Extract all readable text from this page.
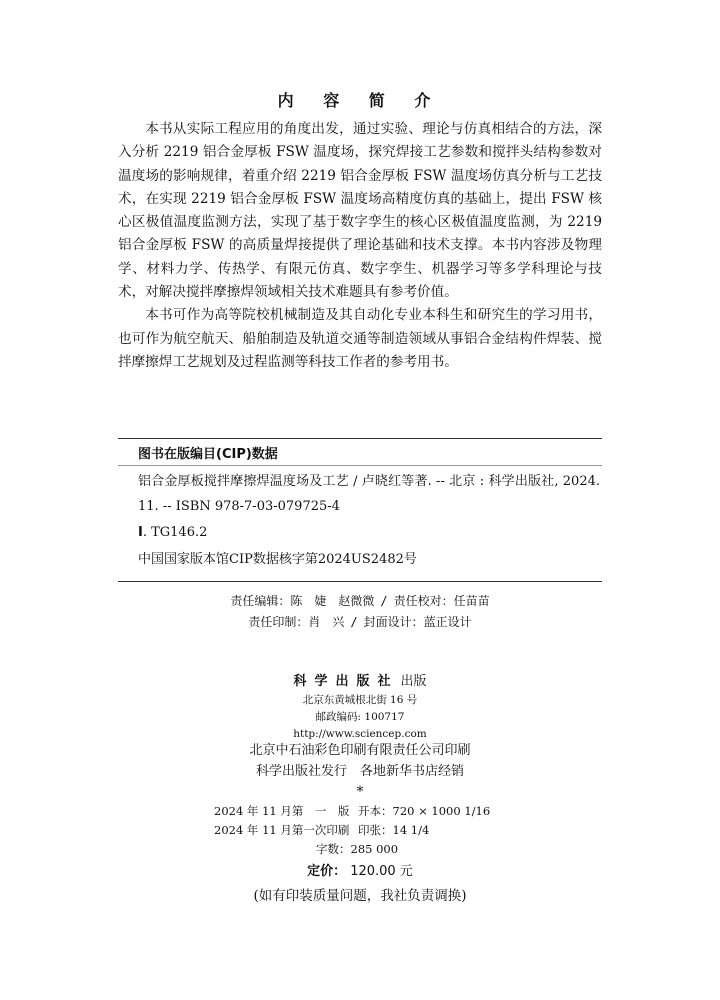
内 容 简 介

本书从实际工程应用的角度出发，通过实验、理论与仿真相结合的方法，深入分析 2219 铝合金厚板 FSW 温度场，探究焊接工艺参数和搅拌头结构参数对温度场的影响规律，着重介绍 2219 铝合金厚板 FSW 温度场仿真分析与工艺技术，在实现 2219 铝合金厚板 FSW 温度场高精度仿真的基础上，提出 FSW 核心区极值温度监测方法，实现了基于数字孪生的核心区极值温度监测，为 2219 铝合金厚板 FSW 的高质量焊接提供了理论基础和技术支撑。本书内容涉及物理学、材料力学、传热学、有限元仿真、数字孪生、机器学习等多学科理论与技术，对解决搅拌摩擦焊领域相关技术难题具有参考价值。

本书可作为高等院校机械制造及其自动化专业本科生和研究生的学习用书，也可作为航空航天、船舶制造及轨道交通等制造领域从事铝合金结构件焊装、搅拌摩擦焊工艺规划及过程监测等科技工作者的参考用书。

图书在版编目(CIP)数据
铝合金厚板搅拌摩擦焊温度场及工艺 / 卢晓红等著. -- 北京 : 科学出版社, 2024. 11. -- ISBN 978-7-03-079725-4
Ⅰ. TG146.2
中国国家版本馆CIP数据核字第2024US2482号
责任编辑：陈　婕　赵微微 / 责任校对：任苗苗
责任印制：肖　兴 / 封面设计：蓝正设计
科学出版社 出版
北京东黄城根北街 16 号
邮政编码: 100717
http://www.sciencep.com
北京中石油彩色印刷有限责任公司印刷
科学出版社发行　各地新华书店经销
*
2024 年 11 月第　一　版 开本：720 × 1000 1/16
2024 年 11 月第一次印刷 印张：14 1/4
字数：285 000
定价： 120.00 元
(如有印装质量问题，我社负责调换)
